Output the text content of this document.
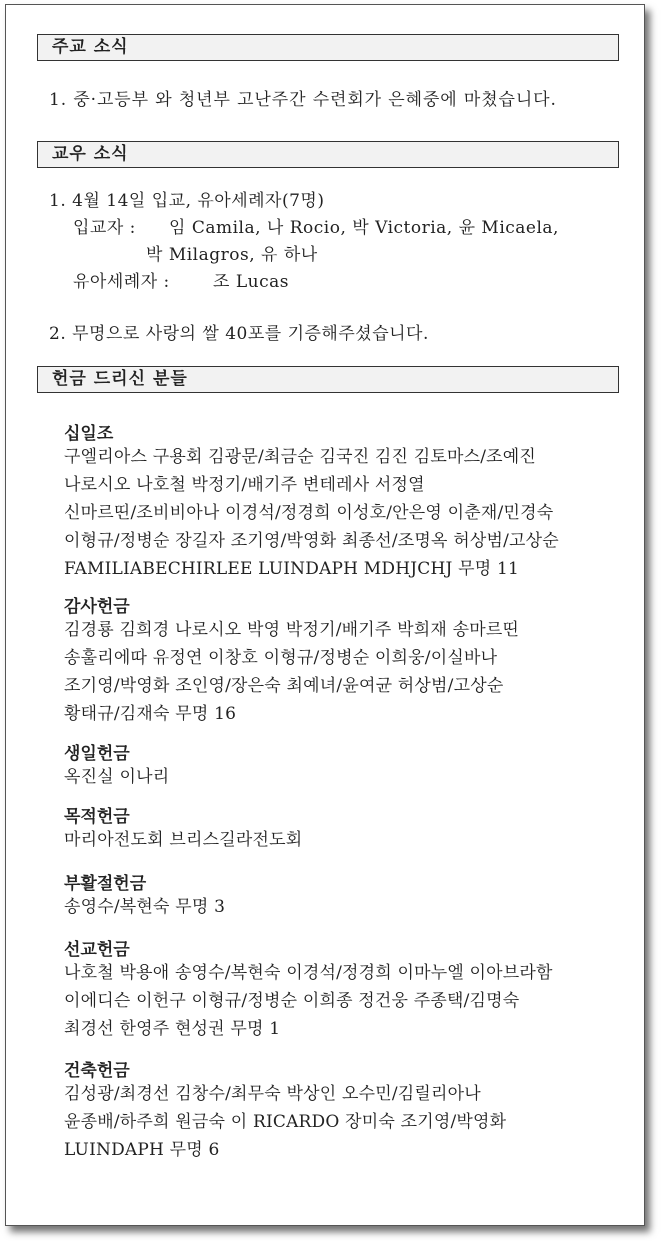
주교 소식
1. 중·고등부 와 청년부 고난주간 수련회가 은혜중에 마쳤습니다.
교우 소식
1. 4월 14일 입교, 유아세례자(7명)
입교자 : 임 Camila, 나 Rocio, 박 Victoria, 윤 Micaela,
박 Milagros, 유 하나
유아세례자 :	조 Lucas
2. 무명으로 사랑의 쌀 40포를 기증해주셨습니다.
헌금 드리신 분들
십일조
구엘리아스 구용회 김광문/최금순 김국진 김진 김토마스/조예진
나로시오 나호철 박정기/배기주 변테레사 서정열
신마르띤/조비비아나 이경석/정경희 이성호/안은영 이춘재/민경숙
이형규/정병순 장길자 조기영/박영화 최종선/조명옥 허상범/고상순
FAMILIABECHIRLEE LUINDAPH MDHJCHJ 무명 11
감사헌금
김경룡 김희경 나로시오 박영 박정기/배기주 박희재 송마르띤
송훌리에따 유정연 이창호 이형규/정병순 이희웅/이실바나
조기영/박영화 조인영/장은숙 최예녀/윤여균 허상범/고상순
황태규/김재숙 무명 16
생일헌금
옥진실 이나리
목적헌금
마리아전도회 브리스길라전도회
부활절헌금
송영수/복현숙 무명 3
선교헌금
나호철 박용애 송영수/복현숙 이경석/정경희 이마누엘 이아브라함
이에디슨 이헌구 이형규/정병순 이희종 정건웅 주종택/김명숙
최경선 한영주 현성권 무명 1
건축헌금
김성광/최경선 김창수/최무숙 박상인 오수민/김릴리아나
윤종배/하주희 원금숙 이 RICARDO 장미숙 조기영/박영화
LUINDAPH 무명 6
